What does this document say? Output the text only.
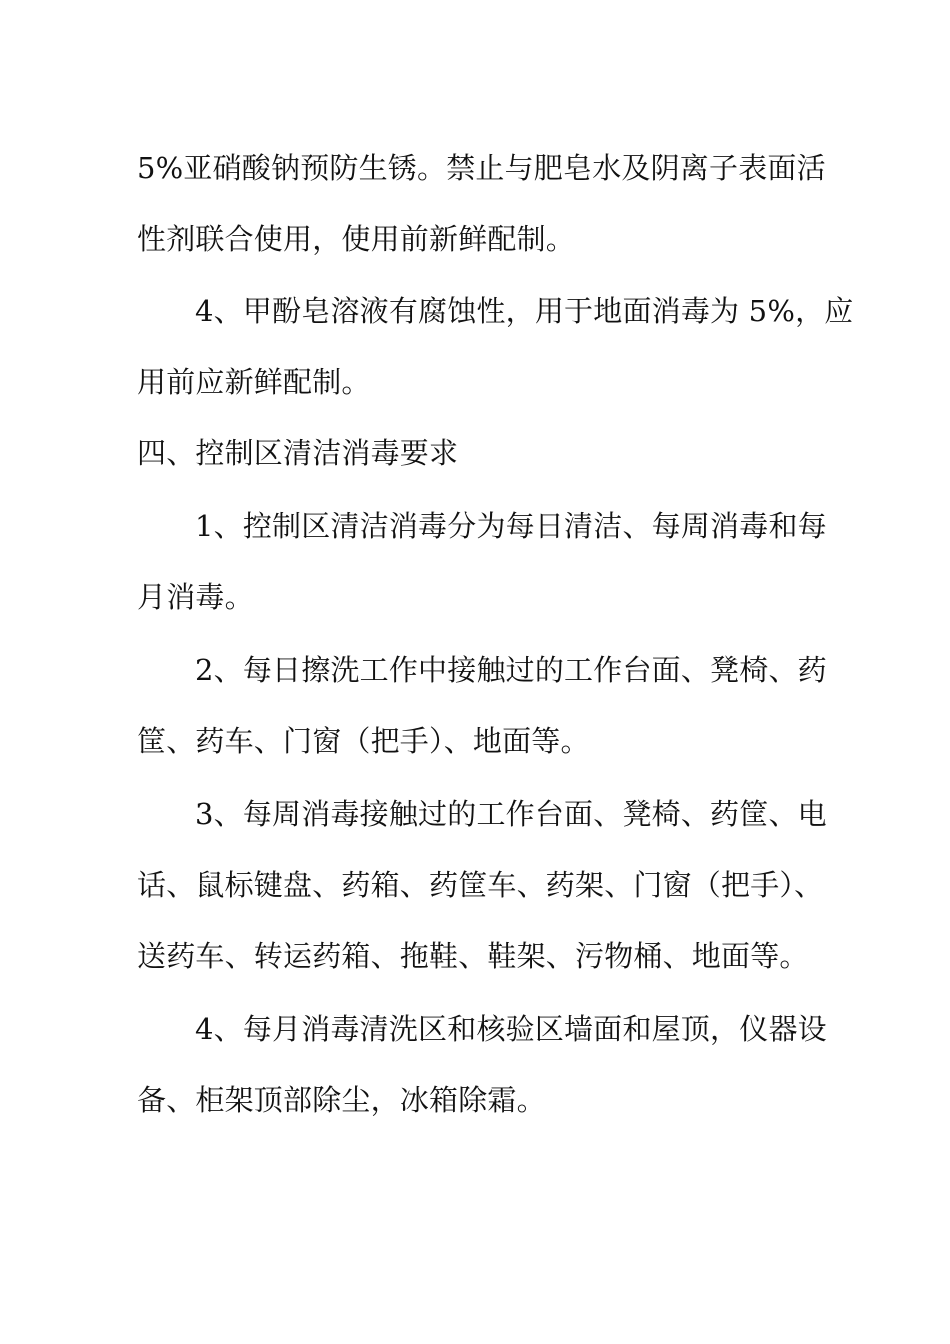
5%亚硝酸钠预防生锈。禁止与肥皂水及阴离子表面活
性剂联合使用，使用前新鲜配制。
4、甲酚皂溶液有腐蚀性，用于地面消毒为 5%，应
用前应新鲜配制。
四、控制区清洁消毒要求
1、控制区清洁消毒分为每日清洁、每周消毒和每
月消毒。
2、每日擦洗工作中接触过的工作台面、凳椅、药
筐、药车、门窗（把手）、地面等。
3、每周消毒接触过的工作台面、凳椅、药筐、电
话、鼠标键盘、药箱、药筐车、药架、门窗（把手）、
送药车、转运药箱、拖鞋、鞋架、污物桶、地面等。
4、每月消毒清洗区和核验区墙面和屋顶，仪器设
备、柜架顶部除尘，冰箱除霜。
